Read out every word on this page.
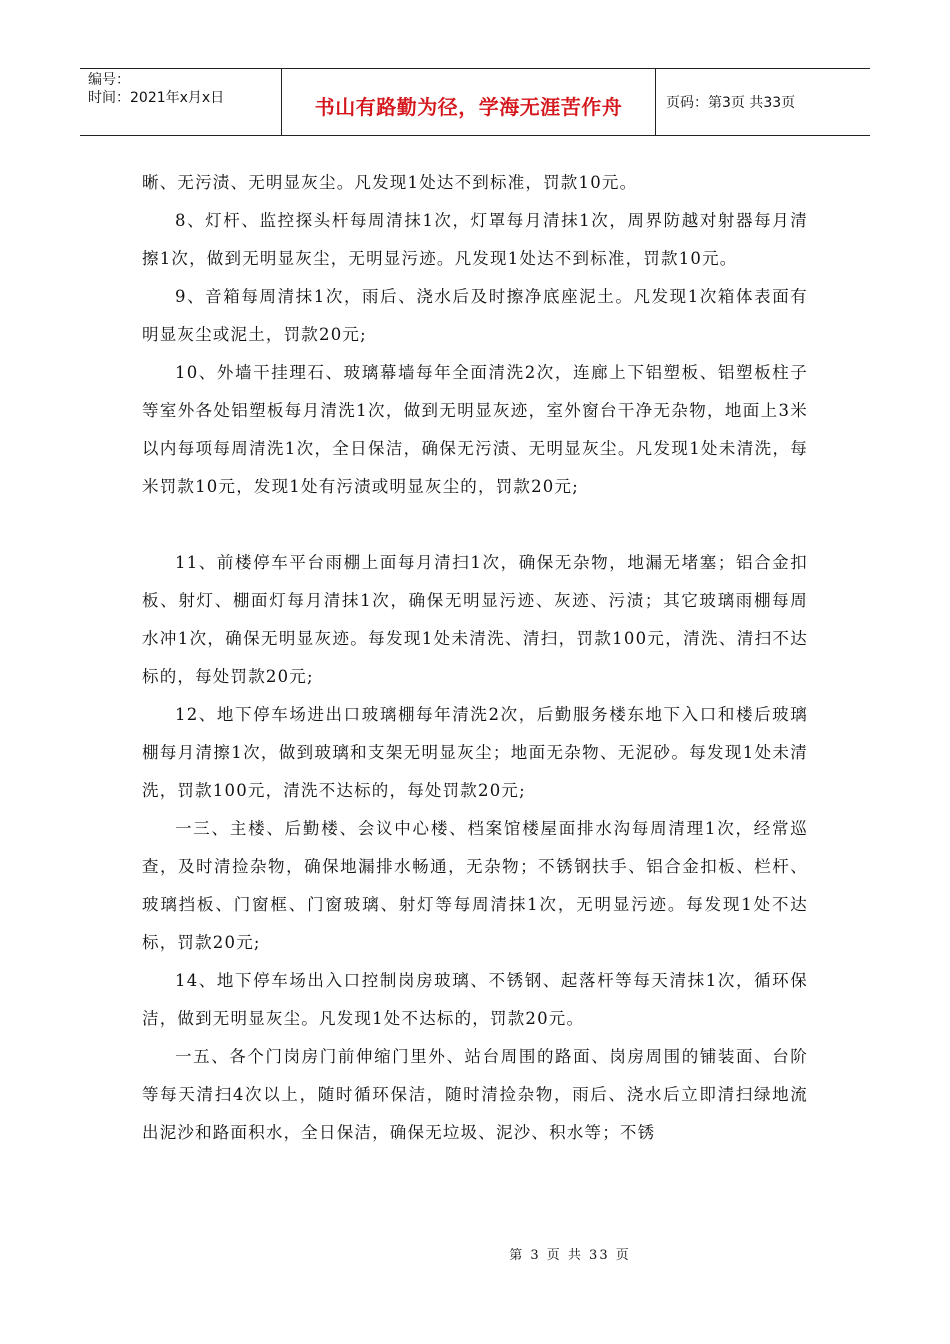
编号：
时间：2021年x月x日	书山有路勤为径，学海无涯苦作舟	页码：第3页 共33页

晰、无污渍、无明显灰尘。凡发现1处达不到标准，罚款10元。

8、灯杆、监控探头杆每周清抹1次，灯罩每月清抹1次，周界防越对射器每月清擦1次，做到无明显灰尘，无明显污迹。凡发现1处达不到标准，罚款10元。

9、音箱每周清抹1次，雨后、浇水后及时擦净底座泥土。凡发现1次箱体表面有明显灰尘或泥土，罚款20元;

10、外墙干挂理石、玻璃幕墙每年全面清洗2次，连廊上下铝塑板、铝塑板柱子等室外各处铝塑板每月清洗1次，做到无明显灰迹，室外窗台干净无杂物，地面上3米以内每项每周清洗1次，全日保洁，确保无污渍、无明显灰尘。凡发现1处未清洗，每米罚款10元，发现1处有污渍或明显灰尘的，罚款20元;

11、前楼停车平台雨棚上面每月清扫1次，确保无杂物，地漏无堵塞；铝合金扣板、射灯、棚面灯每月清抹1次，确保无明显污迹、灰迹、污渍；其它玻璃雨棚每周水冲1次，确保无明显灰迹。每发现1处未清洗、清扫，罚款100元，清洗、清扫不达标的，每处罚款20元;

12、地下停车场进出口玻璃棚每年清洗2次，后勤服务楼东地下入口和楼后玻璃棚每月清擦1次，做到玻璃和支架无明显灰尘；地面无杂物、无泥砂。每发现1处未清洗，罚款100元，清洗不达标的，每处罚款20元;

一三、主楼、后勤楼、会议中心楼、档案馆楼屋面排水沟每周清理1次，经常巡查，及时清捡杂物，确保地漏排水畅通，无杂物；不锈钢扶手、铝合金扣板、栏杆、玻璃挡板、门窗框、门窗玻璃、射灯等每周清抹1次，无明显污迹。每发现1处不达标，罚款20元;

14、地下停车场出入口控制岗房玻璃、不锈钢、起落杆等每天清抹1次，循环保洁，做到无明显灰尘。凡发现1处不达标的，罚款20元。

一五、各个门岗房门前伸缩门里外、站台周围的路面、岗房周围的铺装面、台阶等每天清扫4次以上，随时循环保洁，随时清捡杂物，雨后、浇水后立即清扫绿地流出泥沙和路面积水，全日保洁，确保无垃圾、泥沙、积水等；不锈

第 3 页 共 33 页
